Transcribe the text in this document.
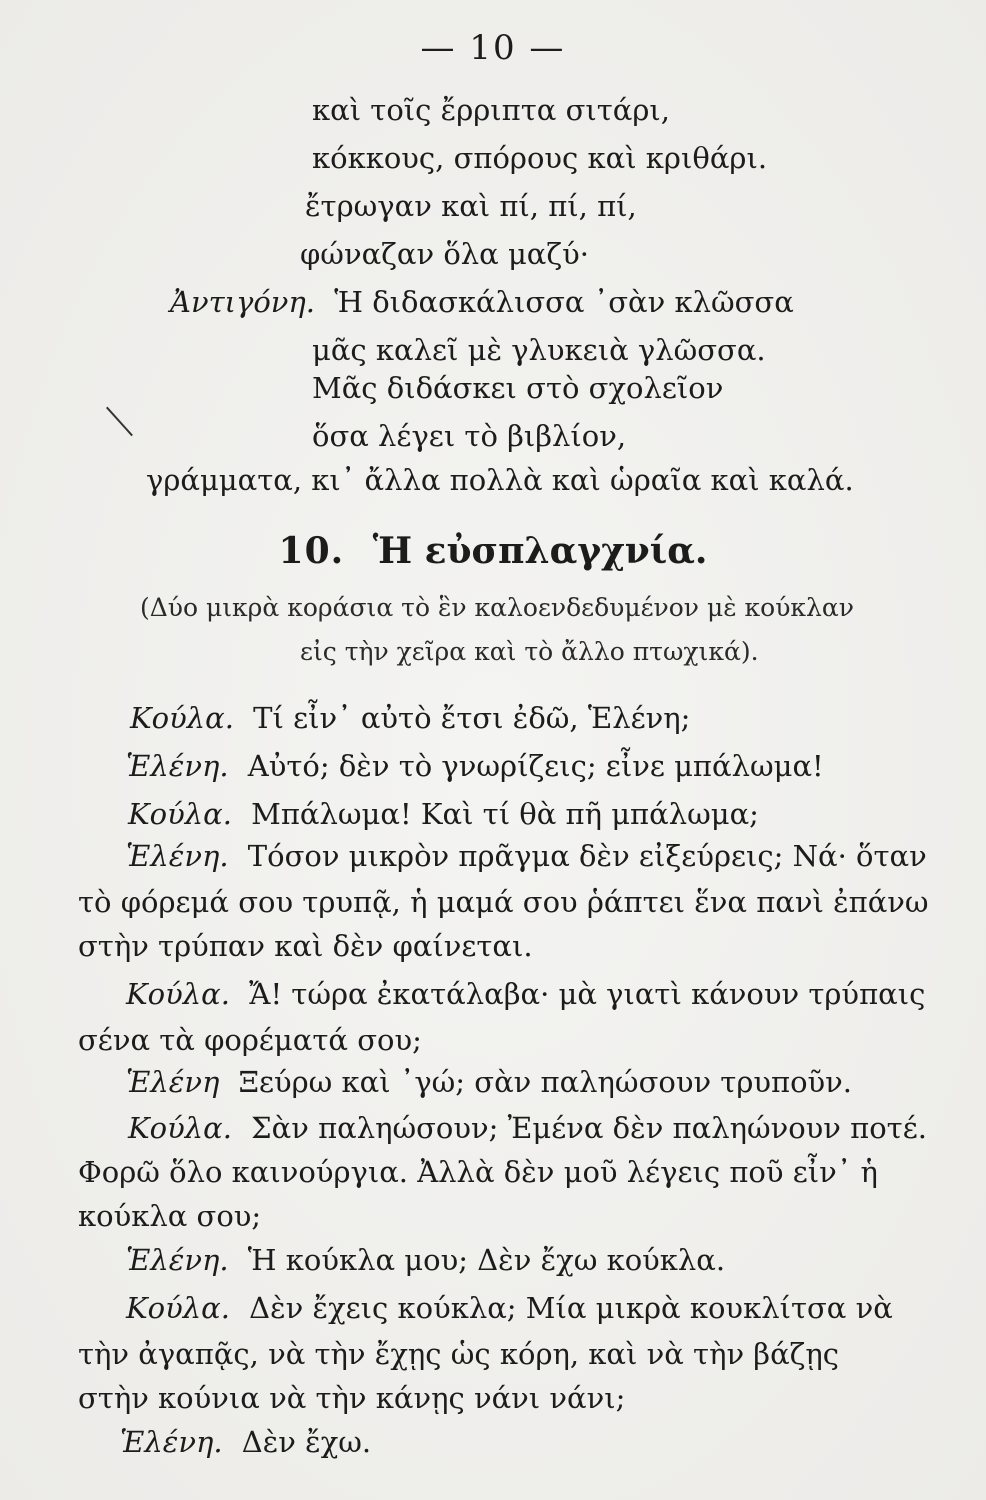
— 10 —
καὶ τοῖς ἔρριπτα σιτάρι,
κόκκους, σπόρους καὶ κριθάρι.
ἔτρωγαν καὶ πί, πί, πί,
φώναζαν ὅλα μαζύ·
Ἀντιγόνη. Ἡ διδασκάλισσα ᾿σὰν κλῶσσα
μᾶς καλεῖ μὲ γλυκειὰ γλῶσσα.
Μᾶς διδάσκει στὸ σχολεῖον
ὅσα λέγει τὸ βιβλίον,
γράμματα, κι᾿ ἄλλα πολλὰ καὶ ὡραῖα καὶ καλά.
10. Ἡ εὐσπλαγχνία.
(Δύο μικρὰ κοράσια τὸ ἓν καλοενδεδυμένον μὲ κούκλαν
εἰς τὴν χεῖρα καὶ τὸ ἄλλο πτωχικά).
Κούλα. Τί εἶν᾿ αὐτὸ ἔτσι ἐδῶ, Ἑλένη;
Ἑλένη. Αὐτό; δὲν τὸ γνωρίζεις; εἶνε μπάλωμα!
Κούλα. Μπάλωμα! Καὶ τί θὰ πῆ μπάλωμα;
Ἑλένη. Τόσον μικρὸν πρᾶγμα δὲν εἰξεύρεις; Νά· ὅταν
τὸ φόρεμά σου τρυπᾷ, ἡ μαμά σου ῥάπτει ἕνα πανὶ ἐπάνω
στὴν τρύπαν καὶ δὲν φαίνεται.
Κούλα. Ἄ! τώρα ἐκατάλαβα· μὰ γιατὶ κάνουν τρύπαις
σένα τὰ φορέματά σου;
Ἑλένη Ξεύρω καὶ ᾿γώ; σὰν παληώσουν τρυποῦν.
Κούλα. Σὰν παληώσουν; Ἐμένα δὲν παληώνουν ποτέ.
Φορῶ ὅλο καινούργια. Ἀλλὰ δὲν μοῦ λέγεις ποῦ εἶν᾿ ἡ
κούκλα σου;
Ἑλένη. Ἡ κούκλα μου; Δὲν ἔχω κούκλα.
Κούλα. Δὲν ἔχεις κούκλα; Μία μικρὰ κουκλίτσα νὰ
τὴν ἀγαπᾷς, νὰ τὴν ἔχῃς ὡς κόρη, καὶ νὰ τὴν βάζῃς
στὴν κούνια νὰ τὴν κάνῃς νάνι νάνι;
Ἑλένη. Δὲν ἔχω.
